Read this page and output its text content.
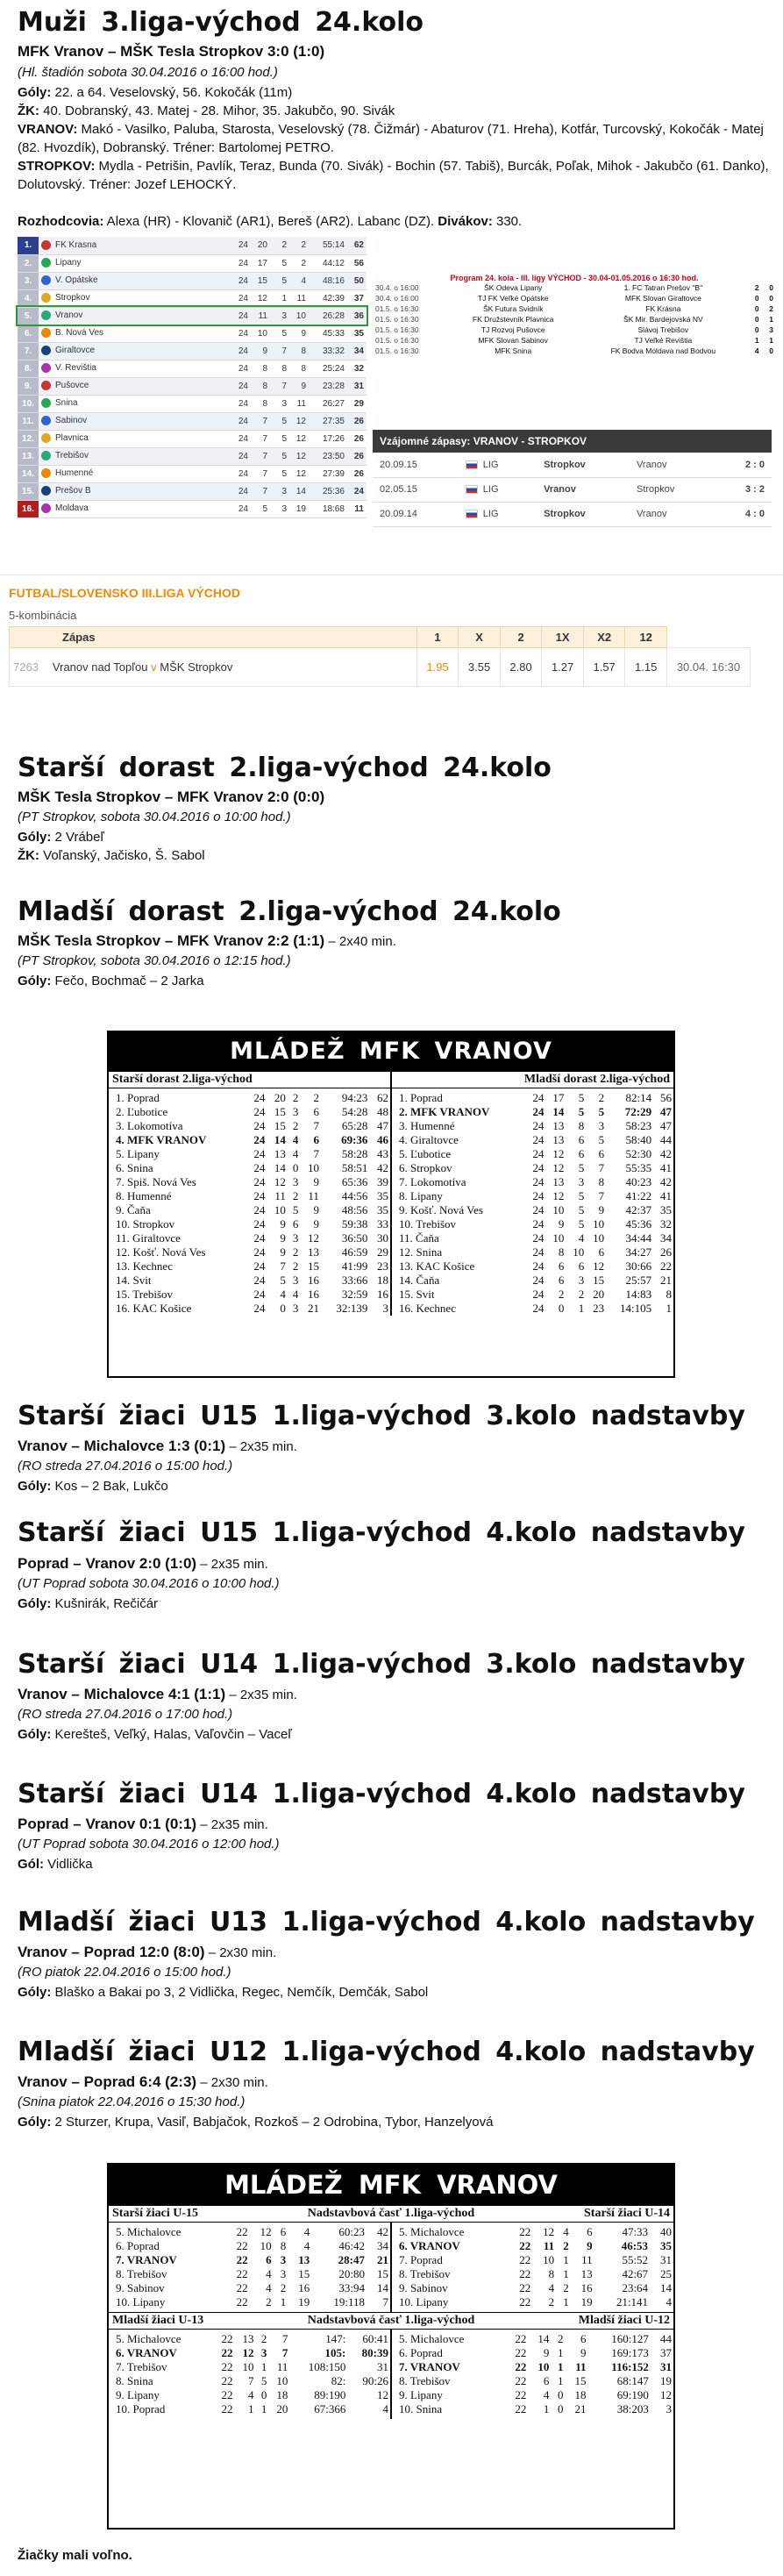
Muži 3.liga-východ 24.kolo
MFK Vranov – MŠK Tesla Stropkov 3:0 (1:0)
(Hl. štadión sobota 30.04.2016 o 16:00 hod.)
Góly: 22. a 64. Veselovský, 56. Kokočák (11m)
ŽK: 40. Dobranský, 43. Matej - 28. Mihor, 35. Jakubčo, 90. Sivák
VRANOV: Makó - Vasilko, Paluba, Starosta, Veselovský (78. Čižmár) - Abaturov (71. Hreha), Kotfár, Turcovský, Kokočák - Matej (82. Hvozdík), Dobranský. Tréner: Bartolomej PETRO.
STROPKOV: Mydla - Petrišin, Pavlík, Teraz, Bunda (70. Sivák) - Bochin (57. Tabiš), Burcák, Poľak, Mihok - Jakubčo (61. Danko), Dolutovský. Tréner: Jozef LEHOCKÝ.
Rozhodcovia: Alexa (HR) - Klovanič (AR1), Bereš (AR2). Labanc (DZ). Divákov: 330.
1.	FK Krasna	24	20	2	2	55:14	62
2.	Lipany	24	17	5	2	44:12	56
3.	V. Opátske	24	15	5	4	48:16	50
4.	Stropkov	24	12	1	11	42:39	37
5.	Vranov	24	11	3	10	26:28	36
6.	B. Nová Ves	24	10	5	9	45:33	35
7.	Giraltovce	24	9	7	8	33:32	34
8.	V. Revištia	24	8	8	8	25:24	32
9.	Pušovce	24	8	7	9	23:28	31
10.	Snina	24	8	3	11	26:27	29
11.	Sabinov	24	7	5	12	27:35	26
12.	Plavnica	24	7	5	12	17:26	26
13.	Trebišov	24	7	5	12	23:50	26
14.	Humenné	24	7	5	12	27:39	26
15.	Prešov B	24	7	3	14	25:36	24
16.	Moldava	24	5	3	19	18:68	11
Program 24. kola - III. ligy VÝCHOD - 30.04-01.05.2016 o 16:30 hod.
30.4. o 16:00	ŠK Odeva Lipany	1. FC Tatran Prešov "B"	2	0
30.4. o 16:00	TJ FK Veľké Opátske	MFK Slovan Giraltovce	0	0
01.5. o 16:30	ŠK Futura Svidník	FK Krásna	0	2
01.5. o 16:30	FK Družstevník Plavnica	ŠK Mir. Bardejovská NV	0	1
01.5. o 16:30	TJ Rozvoj Pušovce	Slávoj Trebišov	0	3
01.5. o 16:30	MFK Slovan Sabinov	TJ Veľké Revištia	1	1
01.5. o 16:30	MFK Snina	FK Bodva Moldava nad Bodvou	4	0
Vzájomné zápasy: VRANOV - STROPKOV
20.09.15	LIG	Stropkov	Vranov	2 : 0
02.05.15	LIG	Vranov	Stropkov	3 : 2
20.09.14	LIG	Stropkov	Vranov	4 : 0
FUTBAL/SLOVENSKO III.LIGA VÝCHOD
5-kombinácia
Zápas	1	X	2	1X	X2	12	
7263 Vranov nad Topľou v MŠK Stropkov	1.95	3.55	2.80	1.27	1.57	1.15	30.04. 16:30
Starší dorast 2.liga-východ 24.kolo
MŠK Tesla Stropkov – MFK Vranov 2:0 (0:0)
(PT Stropkov, sobota 30.04.2016 o 10:00 hod.)
Góly: 2 Vrábeľ
ŽK: Voľanský, Jačisko, Š. Sabol
Mladší dorast 2.liga-východ 24.kolo
MŠK Tesla Stropkov – MFK Vranov 2:2 (1:1) – 2x40 min.
(PT Stropkov, sobota 30.04.2016 o 12:15 hod.)
Góly: Fečo, Bochmač – 2 Jarka
MLÁDEŽ MFK VRANOV
Starší dorast 2.liga-východ	Mladší dorast 2.liga-východ

1. Poprad	24	20	2	2	94:23	62
2. Ľubotice	24	15	3	6	54:28	48
3. Lokomotíva	24	15	2	7	65:28	47
4. MFK VRANOV	24	14	4	6	69:36	46
5. Lipany	24	13	4	7	58:28	43
6. Snina	24	14	0	10	58:51	42
7. Spiš. Nová Ves	24	12	3	9	65:36	39
8. Humenné	24	11	2	11	44:56	35
9. Čaňa	24	10	5	9	48:56	35
10. Stropkov	24	9	6	9	59:38	33
11. Giraltovce	24	9	3	12	36:50	30
12. Košť. Nová Ves	24	9	2	13	46:59	29
13. Kechnec	24	7	2	15	41:99	23
14. Svit	24	5	3	16	33:66	18
15. Trebišov	24	4	4	16	32:59	16
16. KAC Košice	24	0	3	21	32:139	3

1. Poprad	24	17	5	2	82:14	56
2. MFK VRANOV	24	14	5	5	72:29	47
3. Humenné	24	13	8	3	58:23	47
4. Giraltovce	24	13	6	5	58:40	44
5. Ľubotice	24	12	6	6	52:30	42
6. Stropkov	24	12	5	7	55:35	41
7. Lokomotíva	24	13	3	8	40:23	42
8. Lipany	24	12	5	7	41:22	41
9. Košť. Nová Ves	24	10	5	9	42:37	35
10. Trebišov	24	9	5	10	45:36	32
11. Čaňa	24	10	4	10	34:44	34
12. Snina	24	8	10	6	34:27	26
13. KAC Košice	24	6	6	12	30:66	22
14. Čaňa	24	6	3	15	25:57	21
15. Svit	24	2	2	20	14:83	8
16. Kechnec	24	0	1	23	14:105	1
Starší žiaci U15 1.liga-východ 3.kolo nadstavby
Vranov – Michalovce 1:3 (0:1) – 2x35 min.
(RO streda 27.04.2016 o 15:00 hod.)
Góly: Kos – 2 Bak, Lukčo
Starší žiaci U15 1.liga-východ 4.kolo nadstavby
Poprad – Vranov 2:0 (1:0) – 2x35 min.
(UT Poprad sobota 30.04.2016 o 10:00 hod.)
Góly: Kušnirák, Rečičár
Starší žiaci U14 1.liga-východ 3.kolo nadstavby
Vranov – Michalovce 4:1 (1:1) – 2x35 min.
(RO streda 27.04.2016 o 17:00 hod.)
Góly: Kerešteš, Veľký, Halas, Vaľovčin – Vaceľ
Starší žiaci U14 1.liga-východ 4.kolo nadstavby
Poprad – Vranov 0:1 (0:1) – 2x35 min.
(UT Poprad sobota 30.04.2016 o 12:00 hod.)
Gól: Vidlička
Mladší žiaci U13 1.liga-východ 4.kolo nadstavby
Vranov – Poprad 12:0 (8:0) – 2x30 min.
(RO piatok 22.04.2016 o 15:00 hod.)
Góly: Blaško a Bakai po 3, 2 Vidlička, Regec, Nemčík, Demčák, Sabol
Mladší žiaci U12 1.liga-východ 4.kolo nadstavby
Vranov – Poprad 6:4 (2:3) – 2x30 min.
(Snina piatok 22.04.2016 o 15:30 hod.)
Góly: 2 Sturzer, Krupa, Vasiľ, Babjačok, Rozkoš – 2 Odrobina, Tybor, Hanzelyová
MLÁDEŽ MFK VRANOV
Starší žiaci U-15	Nadstavbová časť 1.liga-východ	Starší žiaci U-14
5. Michalovce	22	12	6	4	60:23	42
6. Poprad	22	10	8	4	46:42	34
7. VRANOV	22	6	3	13	28:47	21
8. Trebišov	22	4	3	15	20:80	15
9. Sabinov	22	4	2	16	33:94	14
10. Lipany	22	2	1	19	19:118	7

5. Michalovce	22	12	4	6	47:33	40
6. VRANOV	22	11	2	9	46:53	35
7. Poprad	22	10	1	11	55:52	31
8. Trebišov	22	8	1	13	42:67	25
9. Sabinov	22	4	2	16	23:64	14
10. Lipany	22	2	1	19	21:141	4
Mladší žiaci U-13	Nadstavbová časť 1.liga-východ	Mladší žiaci U-12
5. Michalovce	22	13	2	7	147:	60:41
6. VRANOV	22	12	3	7	105:	80:39
7. Trebišov	22	10	1	11	108:150	31
8. Snina	22	7	5	10	82:	90:26
9. Lipany	22	4	0	18	89:190	12
10. Poprad	22	1	1	20	67:366	4

5. Michalovce	22	14	2	6	160:127	44
6. Poprad	22	9	1	9	169:173	37
7. VRANOV	22	10	1	11	116:152	31
8. Trebišov	22	6	1	15	68:147	19
9. Lipany	22	4	0	18	69:190	12
10. Snina	22	1	0	21	38:203	3
Žiačky mali voľno.
